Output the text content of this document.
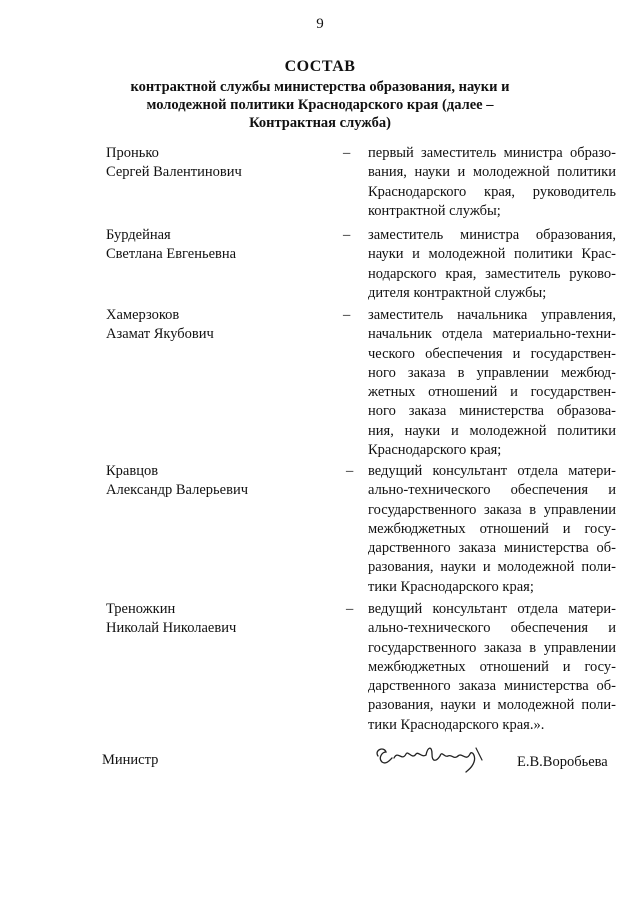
9
СОСТАВ
контрактной службы министерства образования, науки и
молодежной политики Краснодарского края (далее –
Контрактная служба)
Пронько
Сергей Валентинович
– первый заместитель министра образо-
вания, науки и молодежной политики
Краснодарского края, руководитель
контрактной службы;
Бурдейная
Светлана Евгеньевна
– заместитель министра образования,
науки и молодежной политики Крас-
нодарского края, заместитель руково-
дителя контрактной службы;
Хамерзоков
Азамат Якубович
– заместитель начальника управления,
начальник отдела материально-техни-
ческого обеспечения и государствен-
ного заказа в управлении межбюд-
жетных отношений и государствен-
ного заказа министерства образова-
ния, науки и молодежной политики
Краснодарского края;
Кравцов
Александр Валерьевич
– ведущий консультант отдела матери-
ально-технического обеспечения и
государственного заказа в управлении
межбюджетных отношений и госу-
дарственного заказа министерства об-
разования, науки и молодежной поли-
тики Краснодарского края;
Треножкин
Николай Николаевич
– ведущий консультант отдела матери-
ально-технического обеспечения и
государственного заказа в управлении
межбюджетных отношений и госу-
дарственного заказа министерства об-
разования, науки и молодежной поли-
тики Краснодарского края.».
Министр	Е.В.Воробьева
